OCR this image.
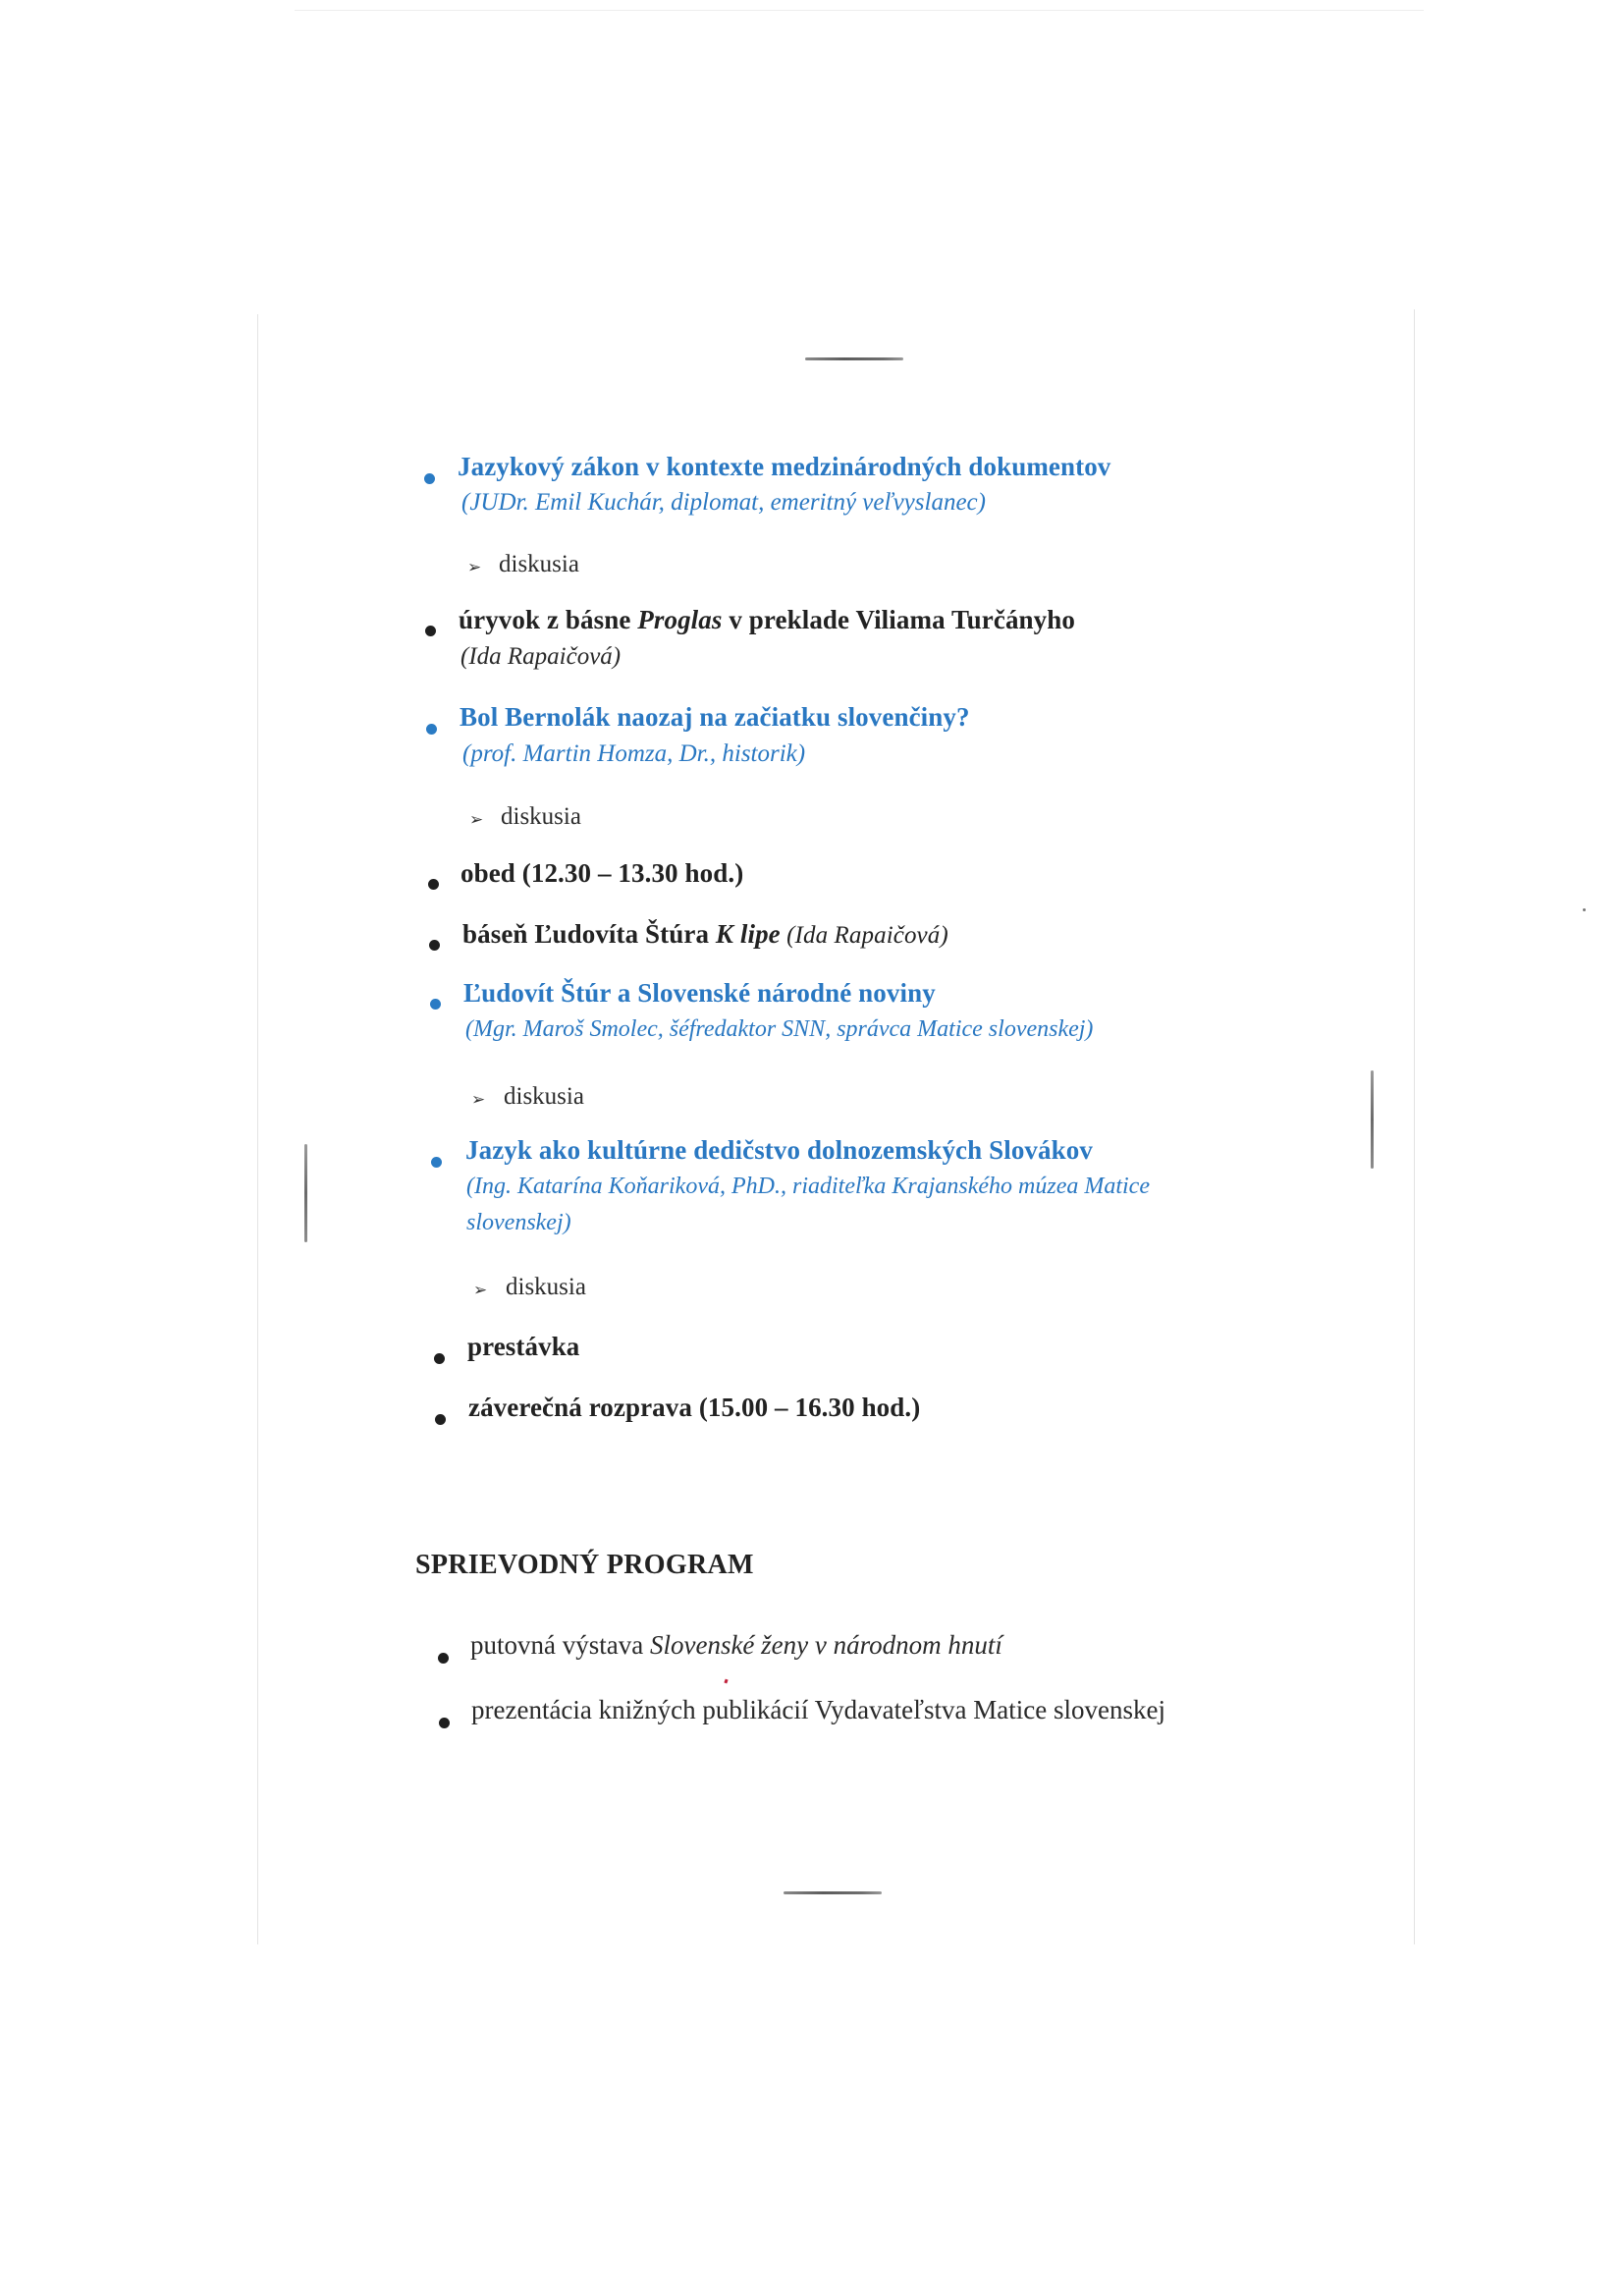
Jazykový zákon v kontexte medzinárodných dokumentov
(JUDr. Emil Kuchár, diplomat, emeritný veľvyslanec)
➢ diskusia
úryvok z básne Proglas v preklade Viliama Turčányho
(Ida Rapaičová)
Bol Bernolák naozaj na začiatku slovenčiny?
(prof. Martin Homza, Dr., historik)
➢ diskusia
obed (12.30 – 13.30 hod.)
báseň Ľudovíta Štúra K lipe (Ida Rapaičová)
Ľudovít Štúr a Slovenské národné noviny
(Mgr. Maroš Smolec, šéfredaktor SNN, správca Matice slovenskej)
➢ diskusia
Jazyk ako kultúrne dedičstvo dolnozemských Slovákov
(Ing. Katarína Koňariková, PhD., riaditeľka Krajanského múzea Matice
slovenskej)
➢ diskusia
prestávka
záverečná rozprava (15.00 – 16.30 hod.)
SPRIEVODNÝ PROGRAM
putovná výstava Slovenské ženy v národnom hnutí
prezentácia knižných publikácií Vydavateľstva Matice slovenskej
